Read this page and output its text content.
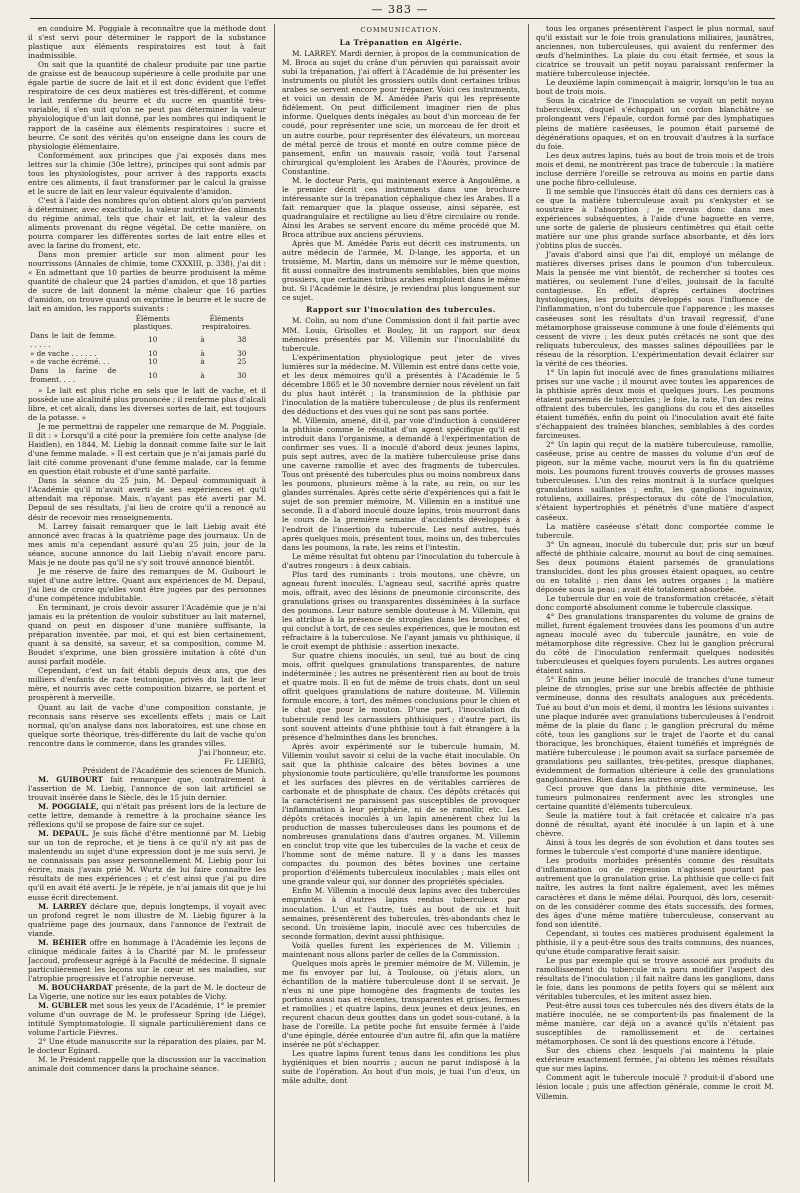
— 383 —

en conduire M. Poggiale à reconnaître que la méthode dont il s'est servi pour déterminer le rapport de la substance plastique aux éléments respiratoires est tout à fait inadmissible.

On sait que la quantité de chaleur produite par une partie de graisse est de beaucoup supérieure à celle produite par une égale partie de sucre de lait et il est donc évident que l'effet respiratoire de ces deux matières est très-différent, et comme le lait renferme du beurre et du sucre en quantité très-variable, il s'en suit qu'on ne peut pas déterminer la valeur physiologique d'un lait donné, par les nombres qui indiquent le rapport de la caséine aux éléments respiratoires : sucre et beurre. Ce sont des vérités qu'on enseigne dans les cours de physiologie élémentaire.

Conformément aux principes que j'ai exposés dans mes lettres sur la chimie (30e lettre), principes qui sont admis par tous les physiologistes, pour arriver à des rapports exacts entre ces aliments, il faut transformer par le calcul la graisse et le sucre de lait en leur valeur équivalente d'amidon.

C'est à l'aide des nombres qu'on obtient alors qu'on parvient à déterminer, avec exactitude, la valeur nutritive des aliments du régime animal, tels que chair et lait, et la valeur des aliments provenant du règne végétal. De cette manière, on pourra comparer les différentes sortes de lait entre elles et avec la farine du froment, etc.

Dans mon premier article sur mon aliment pour les nourrissons (Annales de chimie, tome CXXXIII, p. 338), j'ai dit : « En admettant que 10 parties de beurre produisent la même quantité de chaleur que 24 parties d'amidon, et que 18 parties de sucre de lait donnent la même chaleur que 16 parties d'amidon, on trouve quand on exprime le beurre et le sucre de lait en amidon, les rapports suivants :

	Éléments plastiques.	Éléments respiratoires.	
Dans le lait de femme. . . . . .	10	à	38
» de vache . . . . . .	10	à	30
» de vache écrémé. . .	10	à	25
Dans la farine de froment. . . .	10	à	30

» Le lait est plus riche en sels que le lait de vache, et il possède une alcalinité plus prononcée ; il renferme plus d'alcali libre, et cet alcali, dans les diverses sortes de lait, est toujours de la potasse. »

Je me permettrai de rappeler une remarque de M. Poggiale. Il dit : « Lorsqu'il a cité pour la première fois cette analyse (de Haidlen), en 1844, M. Liebig la donnait comme faite sur le lait d'une femme malade. » Il est certain que je n'ai jamais parlé du lait cité comme provenant d'une femme malade, car la femme en question était robuste et d'une santé parfaite.

Dans la séance du 25 juin, M. Depaul communiquait à l'Académie qu'il m'avait averti de ses expériences et qu'il attendait ma réponse. Mais, n'ayant pas été averti par M. Depaul de ses résultats, j'ai lieu de croire qu'il a renoncé au désir de recevoir mes renseignements.

M. Larrey faisait remarquer que le lait Liebig avait été annoncé avec fracas à la quatrième page des journaux. Un de mes amis m'a cependant assuré qu'au 25 juin, jour de la séance, aucune annonce du lait Liebig n'avait encore paru. Mais je ne doute pas qu'il ne s'y soit trouvé annoncé bientôt.

Je me réserve de faire des remarques de M. Guibourt le sujet d'une autre lettre. Quant aux expériences de M. Depaul, j'ai lieu de croire qu'elles vont être jugées par des personnes d'une compétence indubitable.

En terminant, je crois devoir assurer l'Académie que je n'ai jamais eu la prétention de vouloir substituer au lait maternel, quand on peut en disposer d'une manière suffisante, la préparation inventée, par moi, et qui est bien certainement, quant à sa densité, sa saveur, et sa composition, comme M. Boudet s'exprime, une bien grossière imitation à côté d'un aussi parfait modèle.

Cependant, c'est un fait établi depuis deux ans, que des milliers d'enfants de race teutonique, privés du lait de leur mère, et nourris avec cette composition bizarre, se portent et prospèrent à merveille.

Quant au lait de vache d'une composition constante, je reconnais sans réserve ses excellents effets ; mais ce Lait normal, qu'on analyse dans nos laboratoires, est une chose en quelque sorte théorique, très-différente du lait de vache qu'on rencontre dans le commerce, dans les grandes villes.

J'ai l'honneur, etc.

Fr. LIEBIG,

Président de l'Académie des sciences de Munich.

M. GUIBOURT fait remarquer que, contrairement à l'assertion de M. Liebig, l'annonce de son lait artificiel se trouvait insérée dans le Siècle, dès le 15 juin dernier.

M. POGGIALE, qui n'était pas présent lors de la lecture de cette lettre, demande à remettre à la prochaine séance les réflexions qu'il se propose de faire sur ce sujet.

M. DEPAUL. Je suis fâché d'être mentionné par M. Liebig sur un ton de reproche, et je tiens à ce qu'il n'y ait pas de malentendu au sujet d'une expression dont je me suis servi. Je ne connaissais pas assez personnellement M. Liebig pour lui écrire, mais j'avais prié M. Wurtz de lui faire connaître les résultats de mes expériences ; et c'est ainsi que j'ai pu dire qu'il en avait été averti. Je le répète, je n'ai jamais dit que je lui eusse écrit directement.

M. LARREY déclare que, depuis longtemps, il voyait avec un profond regret le nom illustre de M. Liebig figurer à la quatrième page des journaux, dans l'annonce de l'extrait de viande.

M. BÉHIER offre en hommage à l'Académie les leçons de clinique médicale faites à la Charité par M. le professeur Jaccoud, professeur agrégé à la Faculté de médecine. Il signale particulièrement les leçons sur le cœur et ses maladies, sur l'atrophie progressive et l'atrophie nerveuse.

M. BOUCHARDAT présente, de la part de M. le docteur de La Vigerie, une notice sur les eaux potables de Vichy.

M. GUBLER met sous les yeux de l'Académie, 1° le premier volume d'un ouvrage de M. le professeur Spring (de Liége), intitulé Symptomatologie. Il signale particulièrement dans ce volume l'article Fièvres.

2° Une étude manuscrite sur la réparation des plaies, par M. le docteur Eginard.

M. le Président rappelle que la discussion sur la vaccination animale doit commencer dans la prochaine séance.

COMMUNICATION.

La Trépanation en Algérie.

M. LARREY. Mardi dernier, à propos de la communication de M. Broca au sujet du crâne d'un péruvien qui paraissait avoir subi la trépanation, j'ai offert à l'Académie de lui présenter les instruments ou plutôt les grossiers outils dont certaines tribus arabes se servent encore pour trépaner. Voici ces instruments, et voici un dessin de M. Amédée Paris qui les représente fidèlement. On peut difficilement imaginer rien de plus informe. Quelques dents inégales au bout d'un morceau de fer coudé, pour représenter une scie, un morceau de fer droit et un autre courbe, pour représenter des élévateurs, un morceau de métal percé de trous et monté en outre comme pièce de pansement, enfin un mauvais rasoir, voilà tout l'arsenal chirurgical qu'emploient les Arabes de l'Aourès, province de Constantine.

M. le docteur Paris, qui maintenant exerce à Angoulême, a le premier décrit ces instruments dans une brochure intéressante sur la trépanation céphalique chez les Arabes. Il a fait remarquer que la plaque osseuse, ainsi séparée, est quadrangulaire et rectiligne au lieu d'être circulaire ou ronde. Ainsi les Arabes se servent encore du même procédé que M. Broca attribue aux anciens péruviens.

Après que M. Amédée Paris eut décrit ces instruments, un autre médecin de l'armée, M. D-lange, les apporta, et un troisième, M. Martin, dans un mémoire sur le même question, fit aussi connaître des instruments semblables, bien que moins grossiers, que certaines tribus arabes emploient dans le même but. Si l'Académie le désire, je reviendrai plus longuement sur ce sujet.

Rapport sur l'inoculation des tubercules.

M. Colin, au nom d'une Commission dont il fait partie avec MM. Louis, Grisolles et Bouley, lit un rapport sur deux mémoires présentés par M. Villemin sur l'inoculabilité du tubercule.

L'expérimentation physiologique peut jeter de vives lumières sur la médecine. M. Villemin est entré dans cette voie, et les deux mémoires qu'il a présentés à l'Académie le 5 décembre 1865 et le 30 novembre dernier nous révèlent un fait du plus haut intérêt ; la transmission de la phthisie par l'inoculation de la matière tuberculeuse ; de plus ils renferment des déductions et des vues qui ne sont pas sans portée.

M. Villemin, amené, dit-il, par voie d'induction à considérer la phthisie comme le résultat d'un agent spécifique qu'il est introduit dans l'organisme, a demandé à l'expérimentation de confirmer ses vues. Il a inoculé d'abord deux jeunes lapins, puis sept autres, avec de la matière tuberculeuse prise dans une caverne ramollie et avec des fragments de tubercules. Tous ont présenté des tubercules plus ou moins nombreux dans les poumons, plusieurs même à la rate, au rein, ou sur les glandes surrénales. Après cette série d'expériences qui a fait le sujet de son premier mémoire, M. Villemin en a institué une seconde. Il a d'abord inoculé douze lapins, trois mourront dans le cours de la première semaine d'accidents développés à l'endroit de l'insertion du tubercule. Les neuf autres, tués après quelques mois, présentent tous, moins un, des tubercules dans les poumons, la rate, les reins et l'intestin.

Le même résultat fut obtenu par l'inoculation du tubercule à d'autres rongeurs : à deux cabiais.

Plus tard des ruminants : trois moutons, une chèvre, un agneau furent inoculés. L'agneau seul, sacrifié après quatre mois, offrait, avec des lésions de pneumonie circonscrite, des granulations grises ou transparentes disséminées à la surface des poumons. Leur nature semble douteuse à M. Villemin, qui les attribue à la présence de strongles dans les bronches, et qui conclut à tort, de ces seules expériences, que le mouton est réfractaire à la tuberculose. Ne l'ayant jamais vu phthisique, il le croit exempt de phthisie : assertion inexacte.

Sur quatre chiens inoculés, un seul, tué au bout de cinq mois, offrit quelques granulations transparentes, de nature indéterminée ; les autres ne présentèrent rien au bout de trois et quatre mois. Il en fut de même de trois chats, dont un seul offrit quelques granulations de nature douteuse. M. Villemin formule encore, à tort, des mêmes conclusions pour le chien et le chat que pour le mouton. D'une part, l'inoculation du tubercule rend les carnassiers phthisiques ; d'autre part, ils sont souvent atteints d'une phthisie tout à fait étrangère à la présence d'helminthes dans les bronches.

Après avoir expérimenté sur le tubercule humain, M. Villemin voulut savoir si celui de la vache était inoculable. On sait que la phthisie calcaire des bêtes bovines a une physionomie toute particulière, qu'elle transforme les poumons et les surfaces des plèvres en de véritables carrières de carbonate et de phosphate de chaux. Ces dépôts crétacés qui la caractérisent ne paraissent pas susceptibles de provoquer l'inflammation à leur périphérie, ni de se ramollir, etc. Les dépôts crétacés inoculés à un lapin amenèrent chez lui la production de masses tuberculeuses dans les poumons et de nombreuses granulations dans d'autres organes. M. Villemin en conclut trop vite que les tubercules de la vache et ceux de l'homme sont de même nature. Il y a dans les masses compactes du poumon des bêtes bovines une certaine proportion d'éléments tuberculeux inoculables ; mais elles ont une grande valeur qui, sur donner des propriétés spéciales.

Enfin M. Villemin a inoculé deux lapins avec des tubercules empruntés à d'autres lapins rendus tuberculeux par inoculation. L'un et l'autre, tués au bout de six et huit semaines, présentèrent des tubercules, très-abondants chez le second. Un troisième lapin, inoculé avec ces tubercules de seconde formation, devint aussi phthisique.

Voilà quelles furent les expériences de M. Villemin ; maintenant nous allons parler de celles de la Commission.

Quelques mois après le premier mémoire de M. Villemin, je me fis envoyer par lui, à Toulouse, où j'étais alors, un échantillon de la matière tuberculeuse dont il se servait. Je n'eus ni une pipe homogène des fragments de toutes les portions aussi nas et récentes, transparentes et grises, fermes et ramollies ; et quatre lapins, deux jeunes et deux jeunes, en reçurent chacun deux gouttes dans un godet sous-cutané, à la base de l'oreille. La petite poche fut ensuite fermée à l'aide d'une épingle, dérée entourée d'un autre fil, afin que la matière insérée ne pût s'échapper.

Les quatre lapins furent tenus dans les conditions les plus hygiéniques et bien nourris ; aucun ne parut indisposé à la suite de l'opération. Au bout d'un mois, je tuai l'un d'eux, un mâle adulte, dont

tous les organes présentèrent l'aspect le plus normal, sauf qu'il existait sur le foie trois granulations miliaires, jaunâtres, anciennes, non tuberculeuses, qui avaient du renfermer des œufs d'helminthes. La plaie du cou était fermée, et sous la cicatrice se trouvait un petit noyau paraissant renfermer la matière tuberculeuse injectée.

Le deuxième lapin commençait à maigrir, lorsqu'on le tua au bout de trois mois.

Sous la cicatrice de l'inoculation se voyait un petit noyau tuberculeux, duquel s'échappait un cordon blanchâtre se prolongeant vers l'épaule, cordon formé par des lymphatiques pleins de matière caséeuses, le poumon était parsemé de dégénérations opaques, et on en trouvait d'autres à la surface du foie.

Les deux autres lapins, tués au bout de trois mois et de trois mois et demi, ne montrèrent pas trace de tubercule : la matière incluse derrière l'oreille se retrouva au moins en partie dans une poche fibro-celluleuse.

Il me semble que l'insuccès était dû dans ces derniers cas à ce que la matière tuberculeuse avait pu s'enkyster et se soustraire à l'absorption ; je crevais donc dans mes expériences subséquentes, à l'aide d'une baguette en verre, une sorte de galerie de plusieurs centimètres qui était cette matière sur une plus grande surface absorbante, et dès lors j'obtins plus de succès.

J'avais d'abord ainsi que l'ai dit, employé un mélange de matières diverses prises dans le poumon d'un tuberculeux. Mais la pensée me vint bientôt, de rechercher si toutes ces matières, ou seulement l'une d'elles, jouissait de la faculté contagieuse. En effet, d'après certaines doctrines hystologiques, les produits développés sous l'influence de l'inflammation, n'ont du tubercule que l'apparence ; les masses caséeuses sont les résultats d'un travail regressif, d'une métamorphose graisseuse commune à une foule d'éléments qui cessent de vivre ; les deux putés crétacés ne sont que des reliquats tuberculeux, des masses salines dépouillées par le réseau de la résorption. L'expérimentation devait éclairer sur la vérité de ces théories.

1° Un lapin fut inoculé avec de fines granulations miliaires prises sur une vache ; il mourut avec toutes les apparences de la phthisie après deux mois et quelques jours. Les poumons étaient parsemés de tubercules ; le foie, la rate, l'un des reins offraient des tubercules, les ganglions du cou et des aisselles étaient tuméfiés, enfin du point où l'inoculation avait été faite s'échappaient des traînées blanches, semblables à des cordes farcineuses.

2° Un lapin qui reçut de la matière tuberculeuse, ramollie, caséeuse, prise au centre de masses du volume d'un œuf de pigeon, sur la même vache, mourut vers la fin du quatrième mois. Les poumons furent trouvés couverts de grosses masses tuberculeuses. L'un des reins montrait à la surface quelques granulations saillantes ; enfin, les ganglions inguinaux, rotuliens, axillaires, préspectoraux du côté de l'inoculation, s'étaient hypertrophiés et pénétrés d'une matière d'aspect caséeux.

La matière caséeuse s'était donc comportée comme le tubercule.

3° Un agneau, inoculé du tubercule dur, pris sur un bœuf affecté de phthisie calcaire, mourut au bout de cinq semaines. Ses deux poumons étaient parsemés de granulations translucides, dont les plus grosses étaient opaques, au centre ou en totalité ; rien dans les autres organes ; la matière déposée sous la peau ; avait été totalement absorbée.

Le tubercule dur en voie de transformation crétacée, s'était donc comporté absolument comme le tubercule classique.

4° Des granulations transparentes du volume de grains de millet, furent également trouvées dans les poumons d'un autre agneau inoculé avec du tubercule jaunâtre, en voie de métamorphose dite régressive. Chez lui le ganglion précrural du côté de l'inoculation renfermait quelques nodosités tuberculeuses et quelques foyers purulents. Les autres organes étaient sains.

5° Enfin un jeune bélier inoculé de tranches d'une tumeur pleine de strongles, prise sur une brebis affectée de phthisie vermineuse, donna des résultats analogues aux précédents. Tué au bout d'un mois et demi, il montra les lésions suivantes : une plaque indurée avec granulations tuberculeuses à l'endroit même de la plaie du flanc ; le ganglion précrural du même côté, tous les ganglions sur le trajet de l'aorte et du canal thoracique, les bronchiques, étaient tuméfiés et imprégnés de matière tuberculeuse ; le poumon avait sa surface parsemée de granulations peu saillantes, très-petites, presque diaphanes, évidemment de formation ultérieure à celle des granulations ganglionnaires. Rien dans les autres organes.

Ceci prouve que dans la phthisie dite vermineuse, les tumeurs pulmonaires renferment avec les strongles une certaine quantité d'éléments tuberculeux.

Seule la matière tout à fait crétacée et calcaire n'a pas donné de résultat, ayant été inoculée à un lapin et à une chèvre.

Ainsi à tous les degrés de son évolution et dans toutes ses formes le tubercule s'est comporté d'une manière identique.

Les produits morbides présentés comme des résultats d'inflammation ou de régression n'agissent pourtant pas autrement que la granulation grise. La phthisie que celle-ci fait naître, les autres la font naître également, avec les mêmes caractères et dans le même délai. Pourquoi, dès lors, ceserait-on de les considérer comme des états successifs, des formes, des âges d'une même matière tuberculeuse, conservant au fond son identité.

Cependant, si toutes ces matières produisent également la phthisie, il y a peut-être sous des traits communs, des nuances, qu'une étude comparative ferait saisir.

Le pus par exemple qui se trouve associé aux produits du ramollissement du tubercule m'a paru modifier l'aspect des résultats de l'inoculation ; il fait naître dans les ganglions, dans le foie, dans les poumons de petits foyers qui se mêlent aux véritables tubercules, et les imitent assez bien.

Peut-être aussi tous ces tubercules nés des divers états de la matière inoculée, ne se comportent-ils pas finalement de la même manière, car déjà on a avancé qu'ils n'étaient pas susceptibles de ramollissement et de certaines métamorphoses. Ce sont là des questions encore à l'étude.

Sur des chiens chez lesquels j'ai maintenu la plaie extérieure exactement fermée, j'ai obtenu les mêmes résultats que sur mes lapins.

Comment agit le tubercule inoculé ? produit-il d'abord une lésion locale ; puis une affection générale, comme le croit M. Villemin.
